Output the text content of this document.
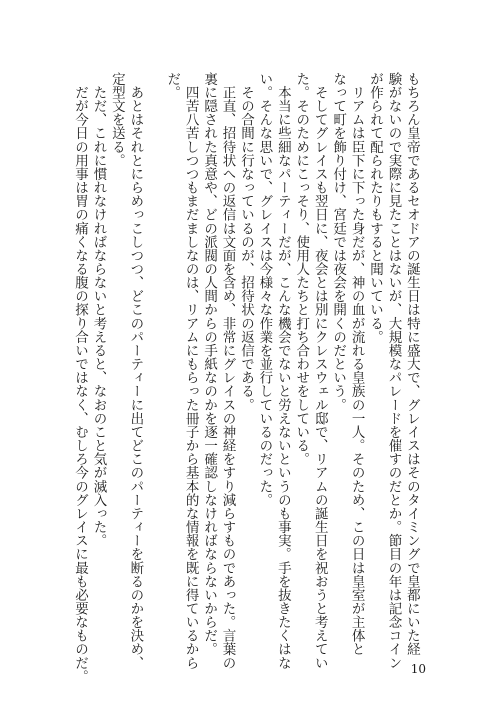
もちろん皇帝であるセオドアの誕生日は特に盛大で、グレイスはそのタイミングで皇都にいた経
験がないので実際に見たことはないが、大規模なパレードを催すのだとか。節目の年は記念コイン
が作られて配られたりもすると聞いている。
　リアムは臣下に下った身だが、神の血が流れる皇族の一人。そのため、この日は皇室が主体と
なって町を飾り付け、宮廷では夜会を開くのだという。
　そしてグレイスも翌日に、夜会とは別にクレスウェル邸で、リアムの誕生日を祝おうと考えてい
た。そのためにこっそり、使用人たちと打ち合わせをしている。
　本当に些細なパーティーだが、こんな機会でないと労えないというのも事実。手を抜きたくはな
い。そんな思いで、グレイスは今様々な作業を並行しているのだった。
　その合間に行なっているのが、招待状の返信である。
　正直、招待状への返信は文面を含め、非常にグレイスの神経をすり減らすものであった。言葉の
裏に隠された真意や、どの派閥の人間からの手紙なのかを逐一確認しなければならないからだ。
　四苦八苦しつつもまだましなのは、リアムにもらった冊子から基本的な情報を既に得ているから
だ。
　あとはそれとにらめっこしつつ、どこのパーティーに出てどこのパーティーを断るのかを決め、
定型文を送る。
　ただ、これに慣れなければならないと考えると、なおのこと気が滅入った。
　だが今日の用事は胃の痛くなる腹の探り合いではなく、むしろ今のグレイスに最も必要なものだ。	10
